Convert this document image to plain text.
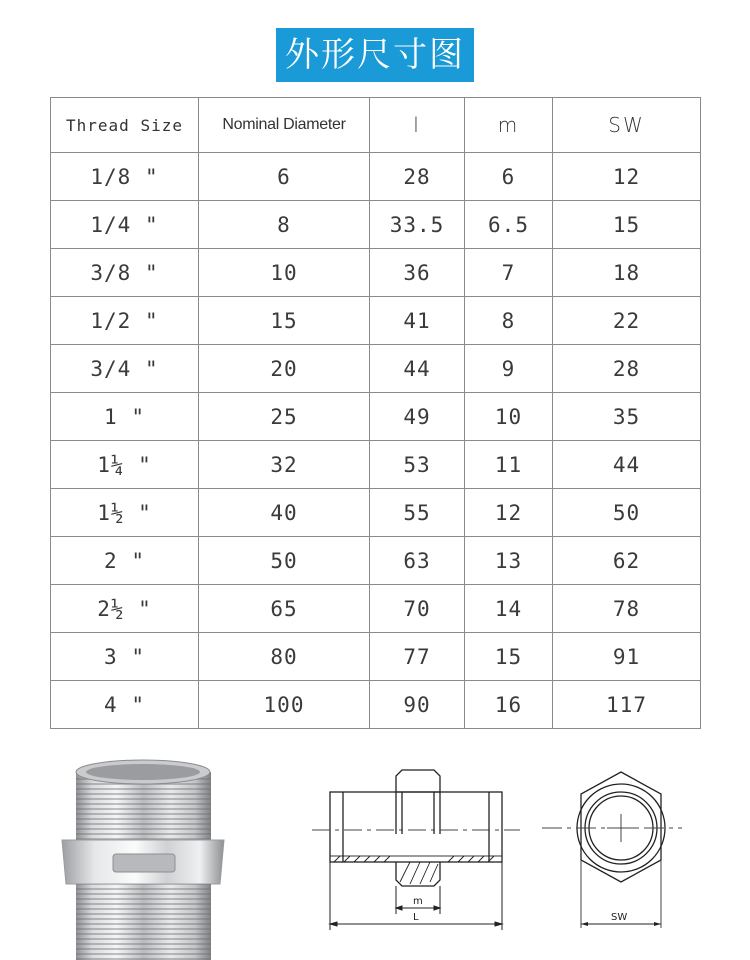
外形尺寸图
Thread Size	Nominal Diameter	l	m	SW
1/8 "	6	28	6	12
1/4 "	8	33.5	6.5	15
3/8 "	10	36	7	18
1/2 "	15	41	8	22
3/4 "	20	44	9	28
1 "	25	49	10	35
1¼ "	32	53	11	44
1½ "	40	55	12	50
2 "	50	63	13	62
2½ "	65	70	14	78
3 "	80	77	15	91
4 "	100	90	16	117
m
L	SW
